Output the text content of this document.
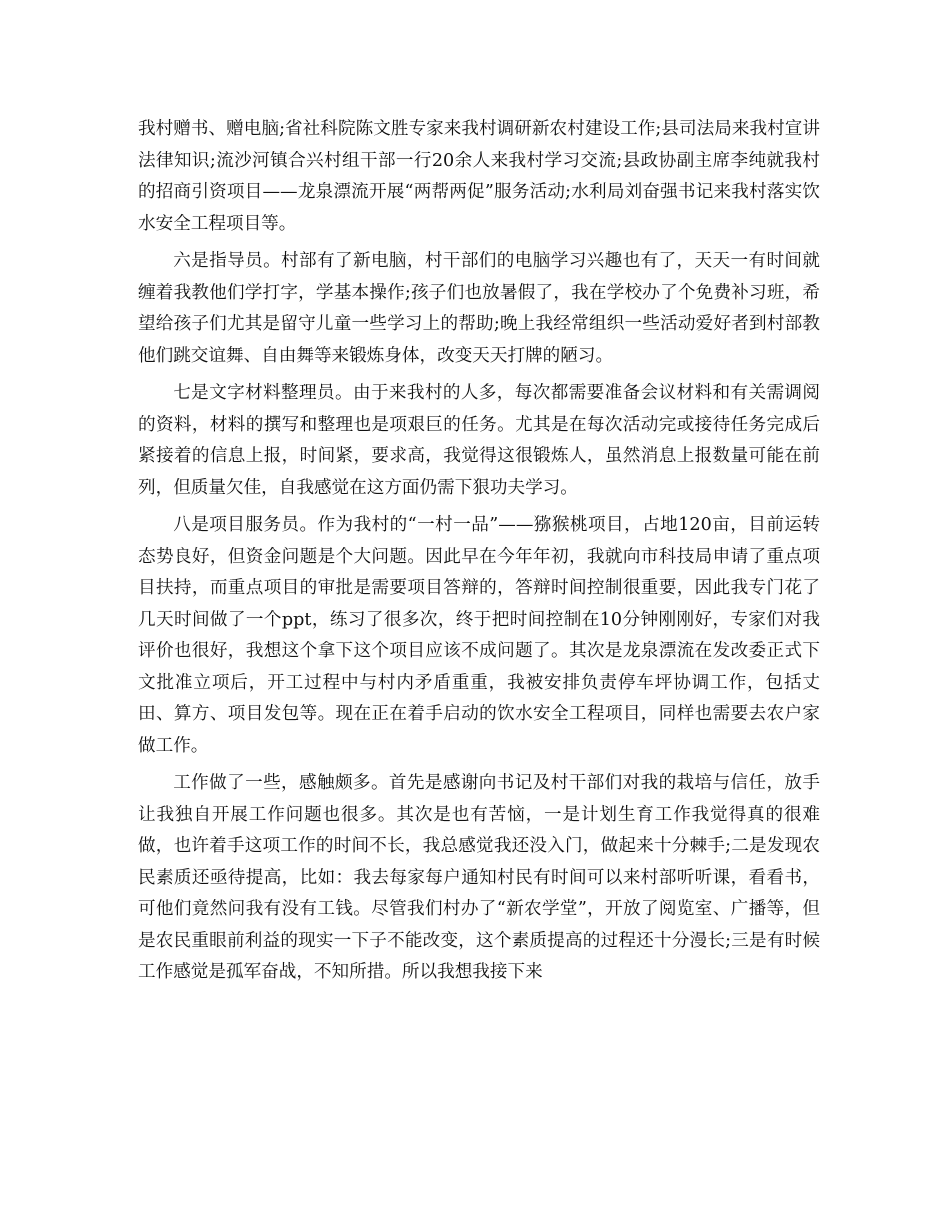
我村赠书、赠电脑;省社科院陈文胜专家来我村调研新农村建设工作;县司法局来我村宣讲法律知识;流沙河镇合兴村组干部一行20余人来我村学习交流;县政协副主席李纯就我村的招商引资项目——龙泉漂流开展“两帮两促”服务活动;水利局刘奋强书记来我村落实饮水安全工程项目等。

六是指导员。村部有了新电脑，村干部们的电脑学习兴趣也有了，天天一有时间就缠着我教他们学打字，学基本操作;孩子们也放暑假了，我在学校办了个免费补习班，希望给孩子们尤其是留守儿童一些学习上的帮助;晚上我经常组织一些活动爱好者到村部教他们跳交谊舞、自由舞等来锻炼身体，改变天天打牌的陋习。

七是文字材料整理员。由于来我村的人多，每次都需要准备会议材料和有关需调阅的资料，材料的撰写和整理也是项艰巨的任务。尤其是在每次活动完或接待任务完成后紧接着的信息上报，时间紧，要求高，我觉得这很锻炼人，虽然消息上报数量可能在前列，但质量欠佳，自我感觉在这方面仍需下狠功夫学习。

八是项目服务员。作为我村的“一村一品”——猕猴桃项目，占地120亩，目前运转态势良好，但资金问题是个大问题。因此早在今年年初，我就向市科技局申请了重点项目扶持，而重点项目的审批是需要项目答辩的，答辩时间控制很重要，因此我专门花了几天时间做了一个ppt，练习了很多次，终于把时间控制在10分钟刚刚好，专家们对我评价也很好，我想这个拿下这个项目应该不成问题了。其次是龙泉漂流在发改委正式下文批准立项后，开工过程中与村内矛盾重重，我被安排负责停车坪协调工作，包括丈田、算方、项目发包等。现在正在着手启动的饮水安全工程项目，同样也需要去农户家做工作。

工作做了一些，感触颇多。首先是感谢向书记及村干部们对我的栽培与信任，放手让我独自开展工作问题也很多。其次是也有苦恼，一是计划生育工作我觉得真的很难做，也许着手这项工作的时间不长，我总感觉我还没入门，做起来十分棘手;二是发现农民素质还亟待提高，比如：我去每家每户通知村民有时间可以来村部听听课，看看书，可他们竟然问我有没有工钱。尽管我们村办了“新农学堂”，开放了阅览室、广播等，但是农民重眼前利益的现实一下子不能改变，这个素质提高的过程还十分漫长;三是有时候工作感觉是孤军奋战，不知所措。所以我想我接下来
